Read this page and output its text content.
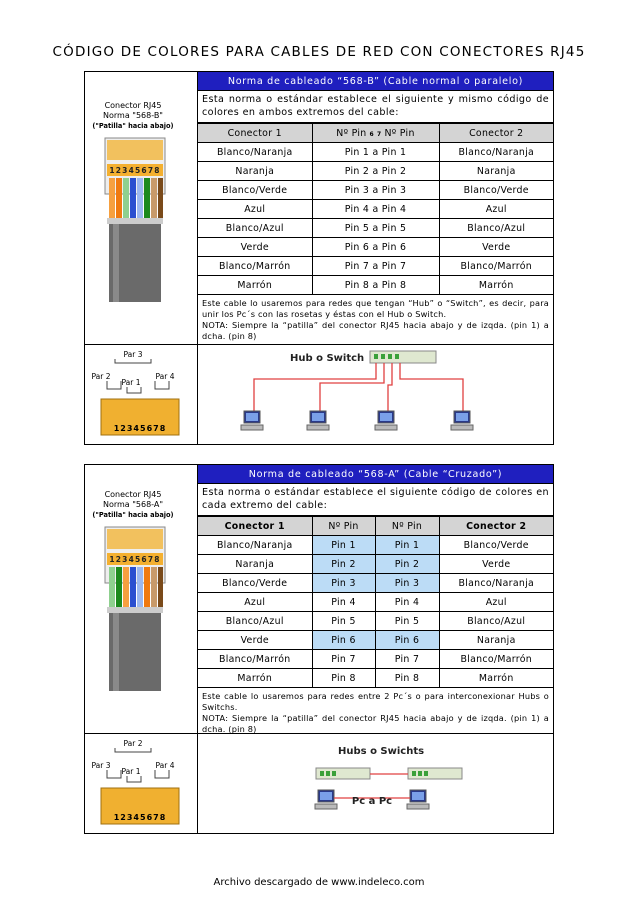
CÓDIGO DE COLORES PARA CABLES DE RED CON CONECTORES RJ45
Conector RJ45
Norma "568-B"
("Patilla" hacia abajo)
12345678
Par 3
Par 2
Par 1
Par 4
12345678
Norma de cableado “568-B” (Cable normal o paralelo)
Esta norma o estándar establece el siguiente y mismo código de colores en ambos extremos del cable:
Conector 1	Nº Pin 6 7 Nº Pin	Conector 2
Blanco/Naranja	Pin 1 a Pin 1	Blanco/Naranja
Naranja	Pin 2 a Pin 2	Naranja
Blanco/Verde	Pin 3 a Pin 3	Blanco/Verde
Azul	Pin 4 a Pin 4	Azul
Blanco/Azul	Pin 5 a Pin 5	Blanco/Azul
Verde	Pin 6 a Pin 6	Verde
Blanco/Marrón	Pin 7 a Pin 7	Blanco/Marrón
Marrón	Pin 8 a Pin 8	Marrón
Este cable lo usaremos para redes que tengan “Hub” o “Switch”, es decir, para unir los Pc´s con las rosetas y éstas con el Hub o Switch.
NOTA: Siempre la “patilla” del conector RJ45 hacia abajo y de izqda. (pin 1) a dcha. (pin 8)
Hub o Switch
Conector RJ45
Norma "568-A"
("Patilla" hacia abajo)
12345678
Par 2
Par 3
Par 1
Par 4
12345678
Norma de cableado “568-A” (Cable “Cruzado”)
Esta norma o estándar establece el siguiente código de colores en cada extremo del cable:
Conector 1	Nº Pin	Nº Pin	Conector 2
Blanco/Naranja	Pin 1	Pin 1	Blanco/Verde
Naranja	Pin 2	Pin 2	Verde
Blanco/Verde	Pin 3	Pin 3	Blanco/Naranja
Azul	Pin 4	Pin 4	Azul
Blanco/Azul	Pin 5	Pin 5	Blanco/Azul
Verde	Pin 6	Pin 6	Naranja
Blanco/Marrón	Pin 7	Pin 7	Blanco/Marrón
Marrón	Pin 8	Pin 8	Marrón
Este cable lo usaremos para redes entre 2 Pc´s o para interconexionar Hubs o Switchs.
NOTA: Siempre la “patilla” del conector RJ45 hacia abajo y de izqda. (pin 1) a dcha. (pin 8)
Hubs o Swichts
Pc a Pc
Archivo descargado de www.indeleco.com
